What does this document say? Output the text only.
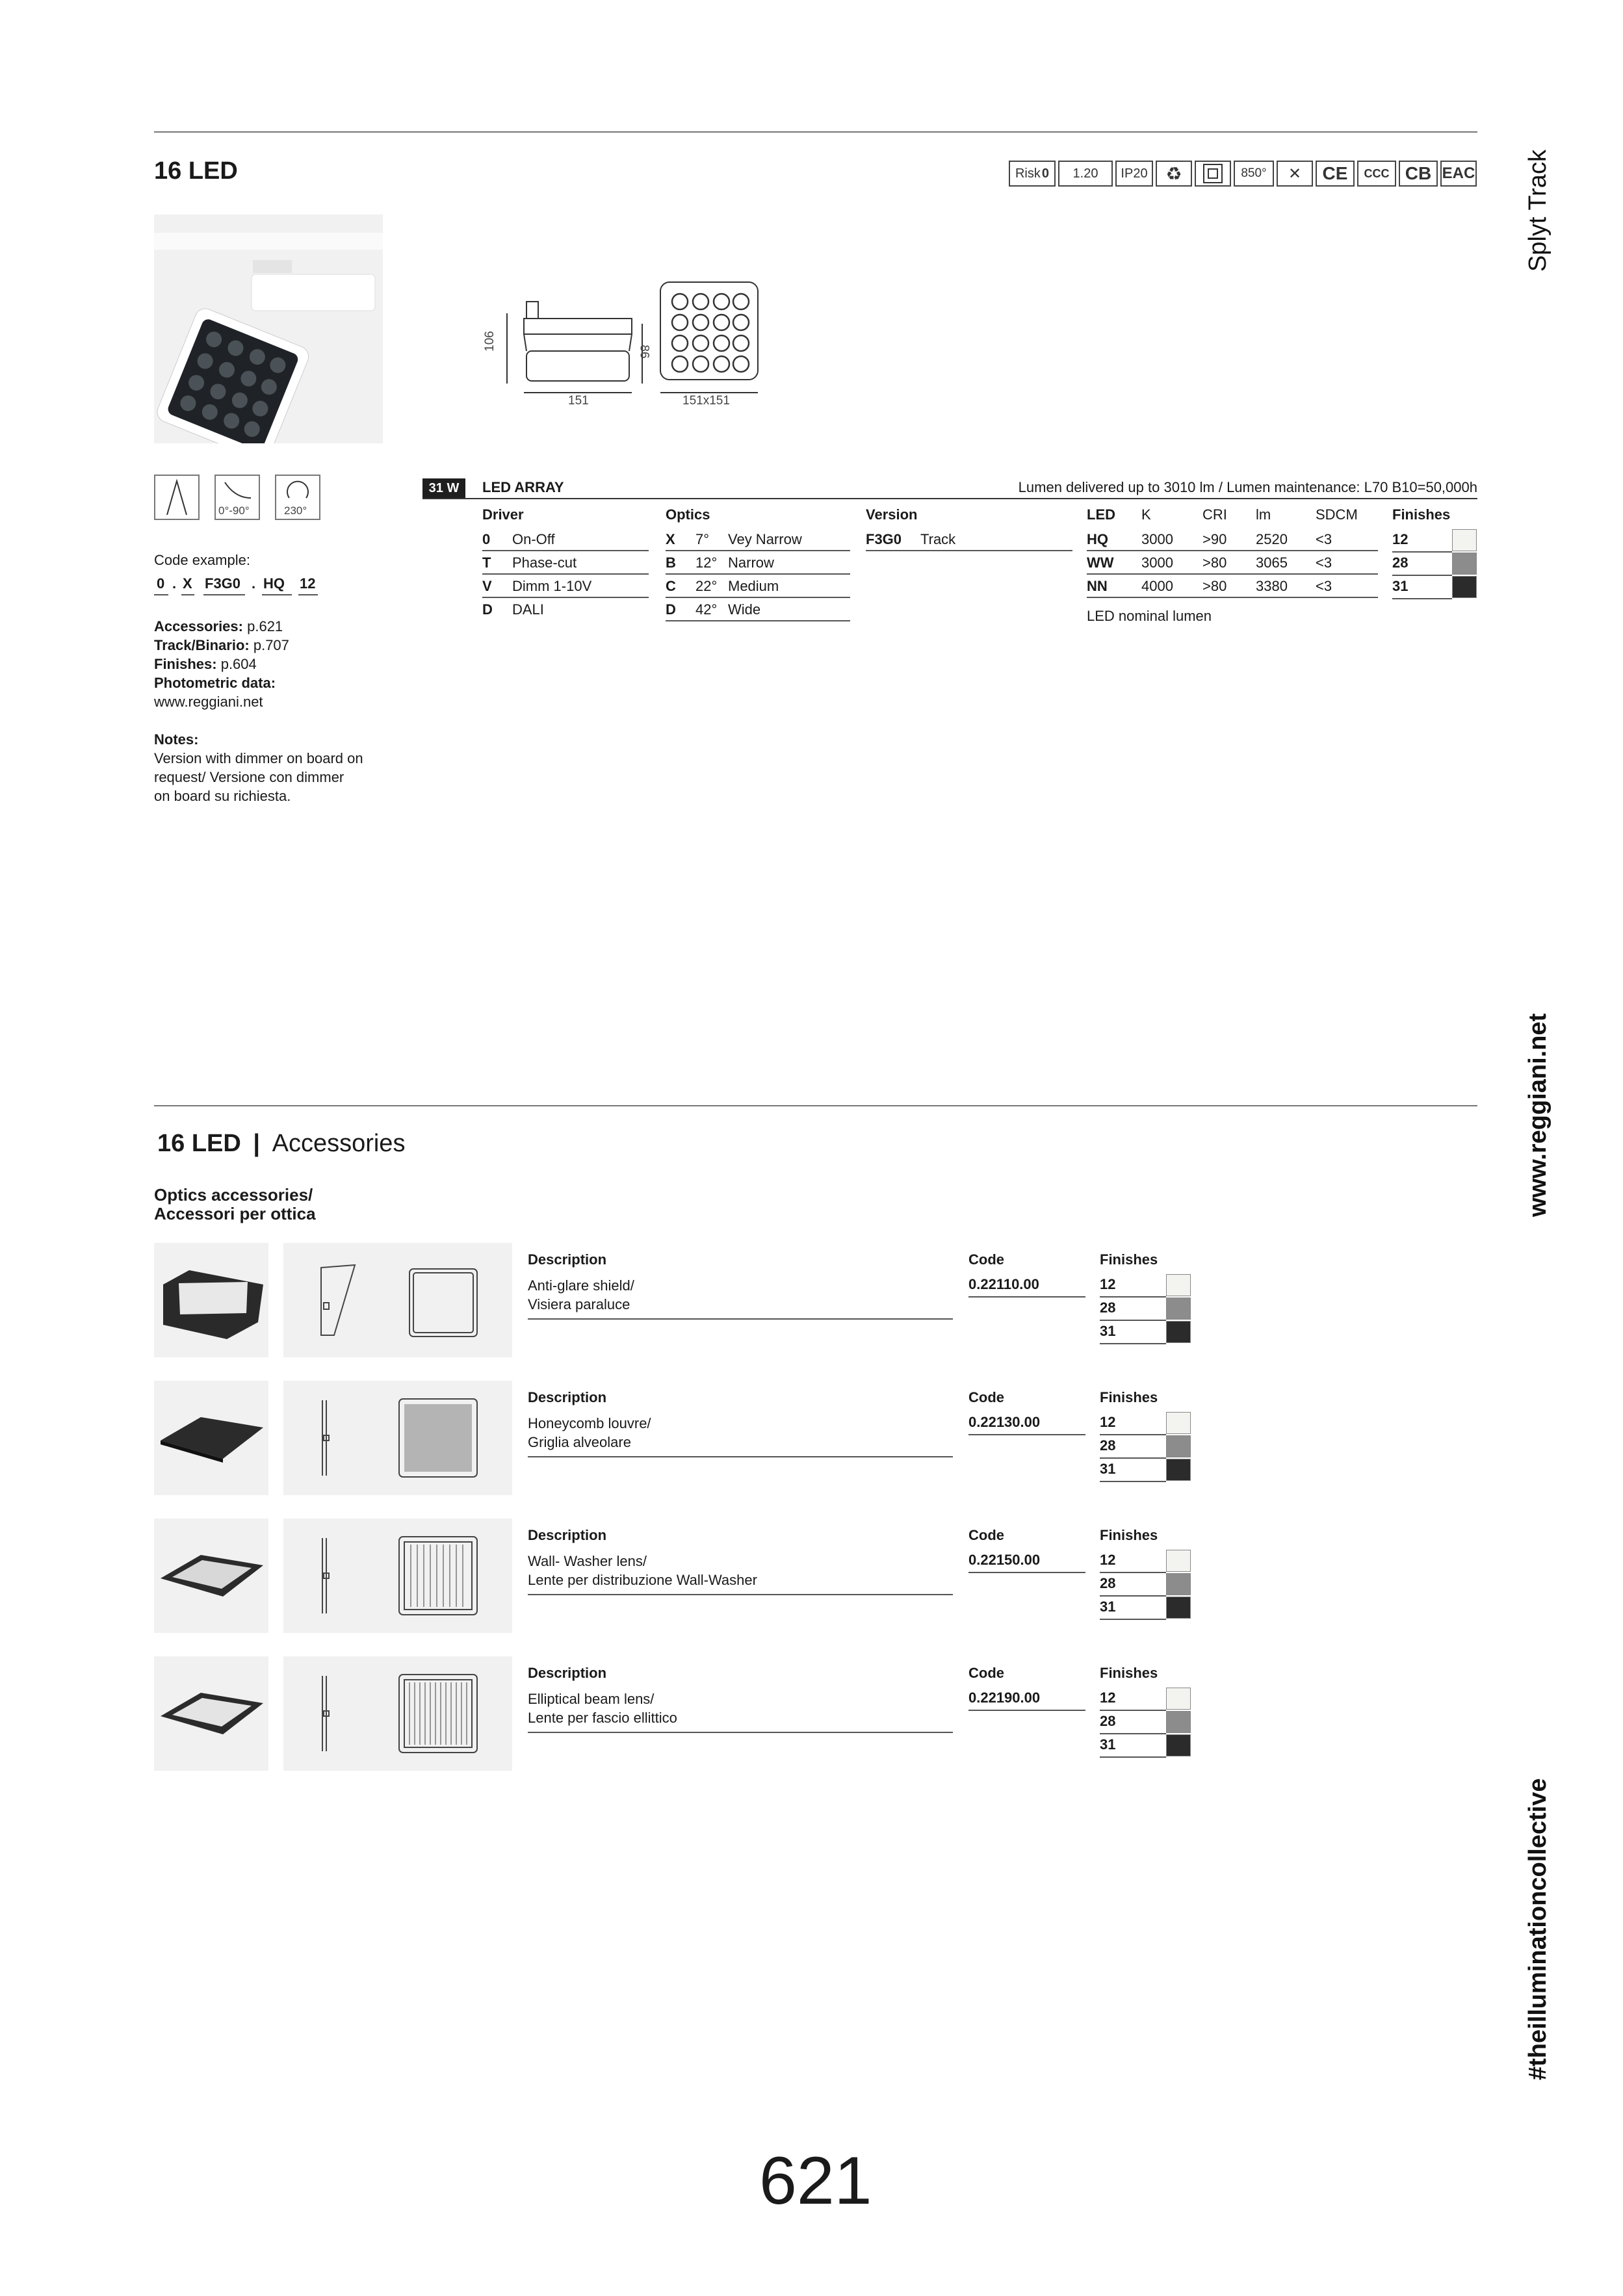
16 LED	Risk 0	1.20	IP20 ♻	850°	✕	CE	CCC CB EAC Splyt Track
www.reggiani.net
#theilluminationcollective
106
86
151	151x151
0°-90°	230°
Code example:
0 . X F3G0 . HQ 12
Accessories: p.621
Track/Binario: p.707
Finishes: p.604
Photometric data:
www.reggiani.net
Notes:
Version with dimmer on board on
request/ Versione con dimmer
on board su richiesta.
31 W	LED ARRAY	Lumen delivered up to 3010 lm / Lumen maintenance: L70 B10=50,000h
Driver
0 On-Off
T Phase-cut
V Dimm 1-10V
D DALI
Optics
X 7° Vey Narrow
B 12° Narrow
C 22° Medium
D 42° Wide
Version
F3G0 Track
LED K	CRI lm	SDCM
HQ 3000 >90 2520 <3
WW 3000 >80 3065 <3
NN 4000 >80 3380 <3
LED nominal lumen
Finishes
12
28
31
16 LED | Accessories
Optics accessories/
Accessori per ottica
Description
Anti-glare shield/
Visiera paraluce
Code
0.22110.00
Finishes
12
28
31
Description
Honeycomb louvre/
Griglia alveolare
Code
0.22130.00
Finishes
12
28
31
Description
Wall- Washer lens/
Lente per distribuzione Wall-Washer
Code
0.22150.00
Finishes
12
28
31
Description
Elliptical beam lens/
Lente per fascio ellittico
Code
0.22190.00
Finishes
12
28
31
621
